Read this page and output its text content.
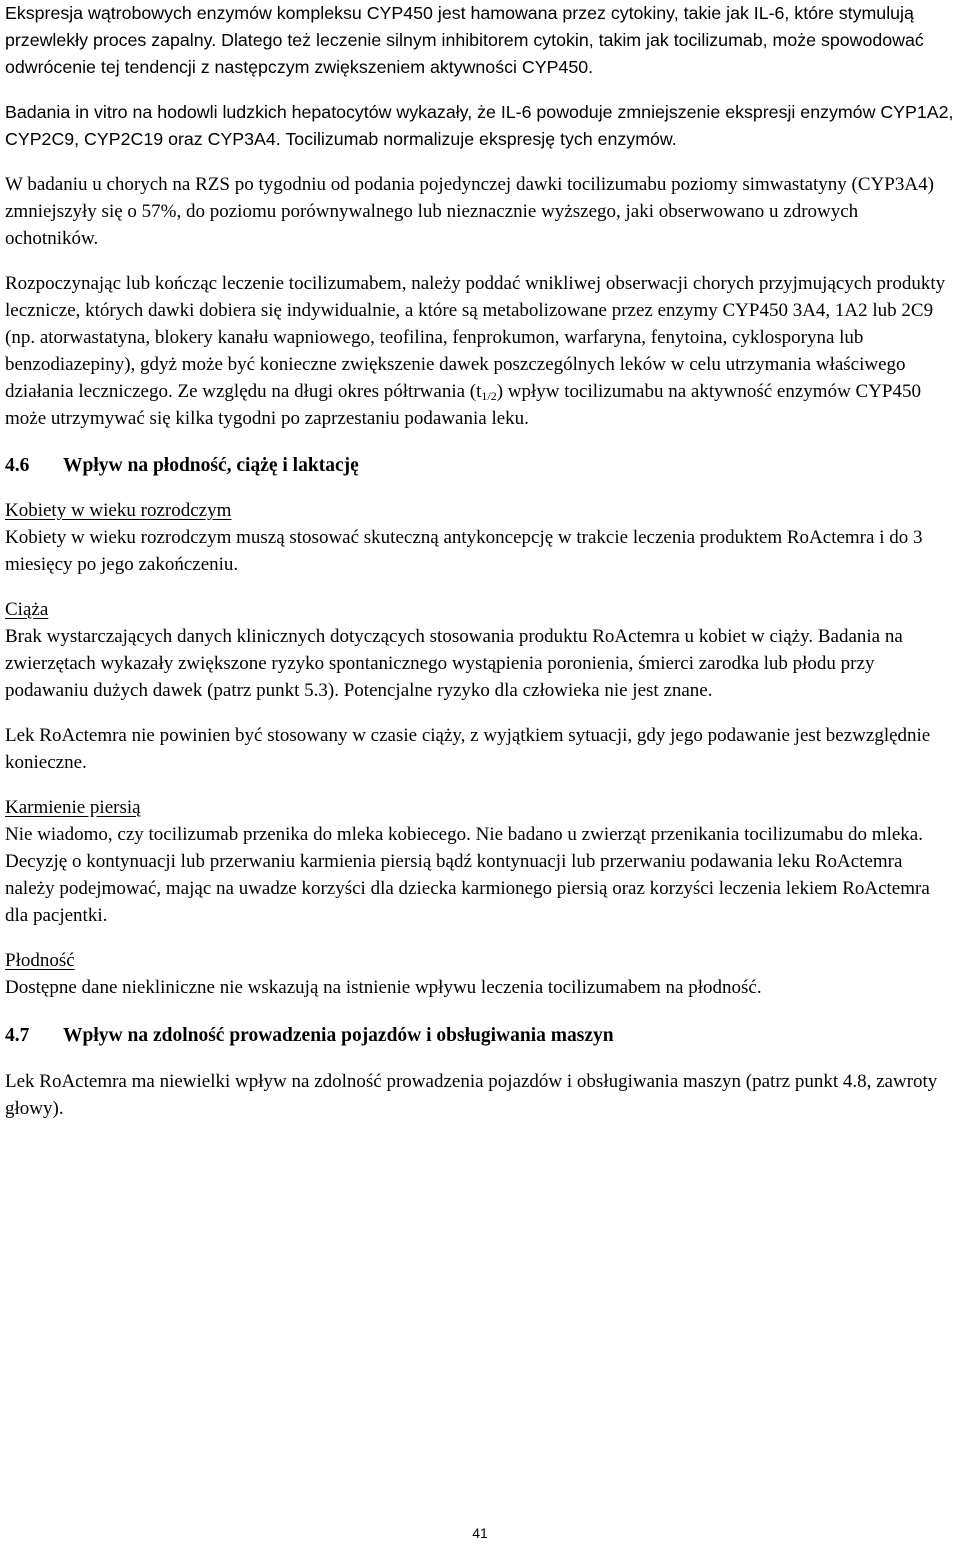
Ekspresja wątrobowych enzymów kompleksu CYP450 jest hamowana przez cytokiny, takie jak IL-6, które stymulują przewlekły proces zapalny. Dlatego też leczenie silnym inhibitorem cytokin, takim jak tocilizumab, może spowodować odwrócenie tej tendencji z następczym zwiększeniem aktywności CYP450.

Badania in vitro na hodowli ludzkich hepatocytów wykazały, że IL-6 powoduje zmniejszenie ekspresji enzymów CYP1A2, CYP2C9, CYP2C19 oraz CYP3A4. Tocilizumab normalizuje ekspresję tych enzymów.

W badaniu u chorych na RZS po tygodniu od podania pojedynczej dawki tocilizumabu poziomy simwastatyny (CYP3A4) zmniejszyły się o 57%, do poziomu porównywalnego lub nieznacznie wyższego, jaki obserwowano u zdrowych ochotników.

Rozpoczynając lub kończąc leczenie tocilizumabem, należy poddać wnikliwej obserwacji chorych przyjmujących produkty lecznicze, których dawki dobiera się indywidualnie, a które są metabolizowane przez enzymy CYP450 3A4, 1A2 lub 2C9 (np. atorwastatyna, blokery kanału wapniowego, teofilina, fenprokumon, warfaryna, fenytoina, cyklosporyna lub benzodiazepiny), gdyż może być konieczne zwiększenie dawek poszczególnych leków w celu utrzymania właściwego działania leczniczego. Ze względu na długi okres półtrwania $(t_{1/2})$ wpływ tocilizumabu na aktywność enzymów CYP450 może utrzymywać się kilka tygodni po zaprzestaniu podawania leku.

4.6 Wpływ na płodność, ciążę i laktację

Kobiety w wieku rozrodczym

Kobiety w wieku rozrodczym muszą stosować skuteczną antykoncepcję w trakcie leczenia produktem RoActemra i do 3 miesięcy po jego zakończeniu.

Ciąża

Brak wystarczających danych klinicznych dotyczących stosowania produktu RoActemra u kobiet w ciąży. Badania na zwierzętach wykazały zwiększone ryzyko spontanicznego wystąpienia poronienia, śmierci zarodka lub płodu przy podawaniu dużych dawek (patrz punkt 5.3). Potencjalne ryzyko dla człowieka nie jest znane.

Lek RoActemra nie powinien być stosowany w czasie ciąży, z wyjątkiem sytuacji, gdy jego podawanie jest bezwzględnie konieczne.

Karmienie piersią

Nie wiadomo, czy tocilizumab przenika do mleka kobiecego. Nie badano u zwierząt przenikania tocilizumabu do mleka. Decyzję o kontynuacji lub przerwaniu karmienia piersią bądź kontynuacji lub przerwaniu podawania leku RoActemra należy podejmować, mając na uwadze korzyści dla dziecka karmionego piersią oraz korzyści leczenia lekiem RoActemra dla pacjentki.

Płodność

Dostępne dane niekliniczne nie wskazują na istnienie wpływu leczenia tocilizumabem na płodność.

4.7 Wpływ na zdolność prowadzenia pojazdów i obsługiwania maszyn

Lek RoActemra ma niewielki wpływ na zdolność prowadzenia pojazdów i obsługiwania maszyn (patrz punkt 4.8, zawroty głowy).

41
